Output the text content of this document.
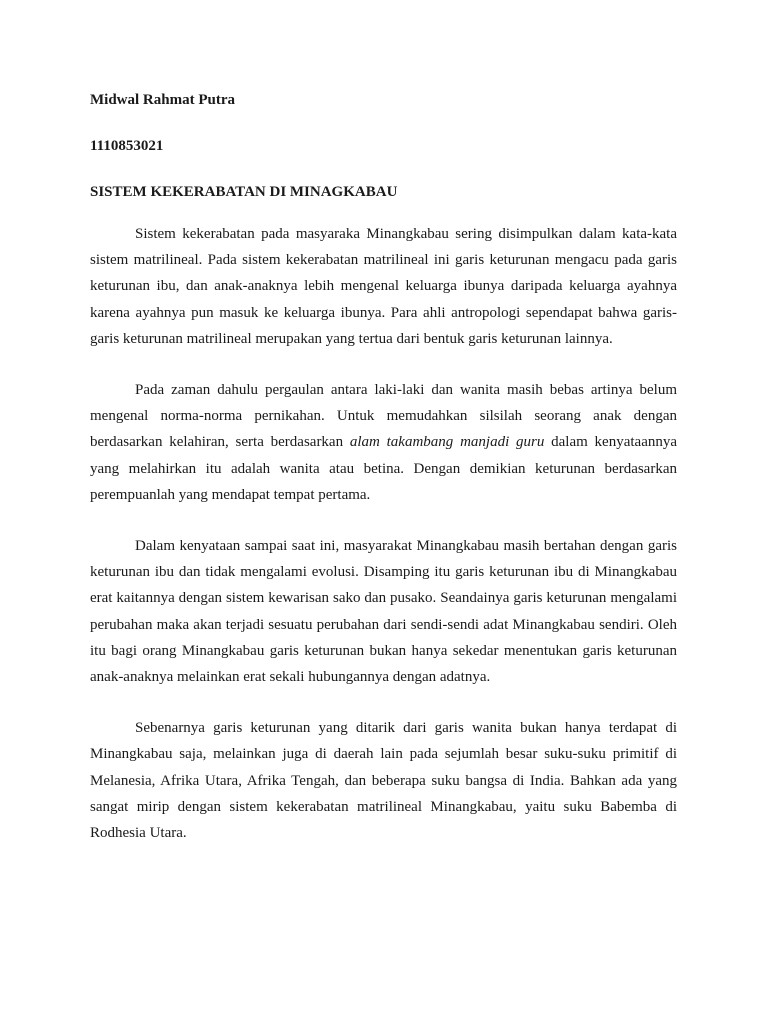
Midwal Rahmat Putra
1110853021
SISTEM KEKERABATAN DI MINAGKABAU

Sistem kekerabatan pada masyaraka Minangkabau sering disimpulkan dalam kata-kata sistem matrilineal. Pada sistem kekerabatan matrilineal ini garis keturunan mengacu pada garis keturunan ibu, dan anak-anaknya lebih mengenal keluarga ibunya daripada keluarga ayahnya karena ayahnya pun masuk ke keluarga ibunya. Para ahli antropologi sependapat bahwa garis-garis keturunan matrilineal merupakan yang tertua dari bentuk garis keturunan lainnya.

Pada zaman dahulu pergaulan antara laki-laki dan wanita masih bebas artinya belum mengenal norma-norma pernikahan. Untuk memudahkan silsilah seorang anak dengan berdasarkan kelahiran, serta berdasarkan alam takambang manjadi guru dalam kenyataannya yang melahirkan itu adalah wanita atau betina. Dengan demikian keturunan berdasarkan perempuanlah yang mendapat tempat pertama.

Dalam kenyataan sampai saat ini, masyarakat Minangkabau masih bertahan dengan garis keturunan ibu dan tidak mengalami evolusi. Disamping itu garis keturunan ibu di Minangkabau erat kaitannya dengan sistem kewarisan sako dan pusako. Seandainya garis keturunan mengalami perubahan maka akan terjadi sesuatu perubahan dari sendi-sendi adat Minangkabau sendiri. Oleh itu bagi orang Minangkabau garis keturunan bukan hanya sekedar menentukan garis keturunan anak-anaknya melainkan erat sekali hubungannya dengan adatnya.

Sebenarnya garis keturunan yang ditarik dari garis wanita bukan hanya terdapat di Minangkabau saja, melainkan juga di daerah lain pada sejumlah besar suku-suku primitif di Melanesia, Afrika Utara, Afrika Tengah, dan beberapa suku bangsa di India. Bahkan ada yang sangat mirip dengan sistem kekerabatan matrilineal Minangkabau, yaitu suku Babemba di Rodhesia Utara.
